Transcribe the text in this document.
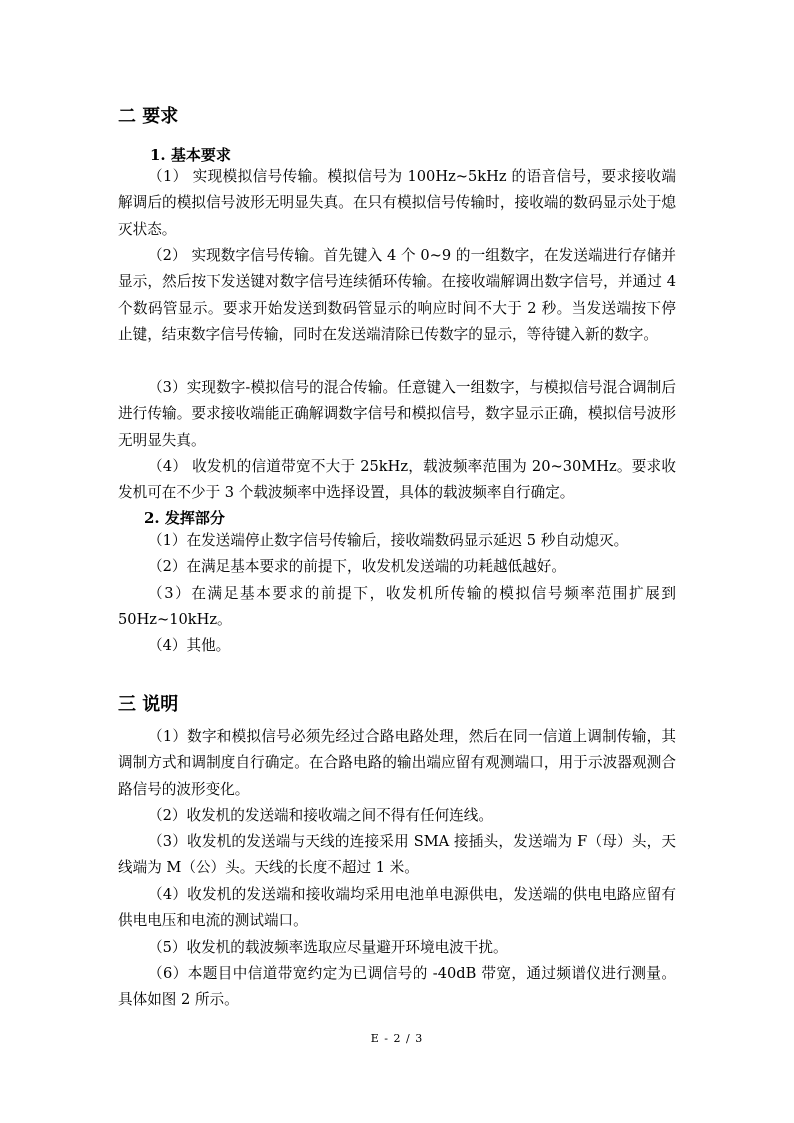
二 要求
1. 基本要求

（1） 实现模拟信号传输。模拟信号为 100Hz~5kHz 的语音信号，要求接收端解调后的模拟信号波形无明显失真。在只有模拟信号传输时，接收端的数码显示处于熄灭状态。

（2） 实现数字信号传输。首先键入 4 个 0~9 的一组数字，在发送端进行存储并显示，然后按下发送键对数字信号连续循环传输。在接收端解调出数字信号，并通过 4 个数码管显示。要求开始发送到数码管显示的响应时间不大于 2 秒。当发送端按下停止键，结束数字信号传输，同时在发送端清除已传数字的显示，等待键入新的数字。

（3）实现数字-模拟信号的混合传输。任意键入一组数字，与模拟信号混合调制后进行传输。要求接收端能正确解调数字信号和模拟信号，数字显示正确，模拟信号波形无明显失真。

（4） 收发机的信道带宽不大于 25kHz，载波频率范围为 20~30MHz。要求收发机可在不少于 3 个载波频率中选择设置，具体的载波频率自行确定。

2. 发挥部分

（1）在发送端停止数字信号传输后，接收端数码显示延迟 5 秒自动熄灭。

（2）在满足基本要求的前提下，收发机发送端的功耗越低越好。

（3）在满足基本要求的前提下，收发机所传输的模拟信号频率范围扩展到 50Hz~10kHz。

（4）其他。

三 说明

（1）数字和模拟信号必须先经过合路电路处理，然后在同一信道上调制传输，其调制方式和调制度自行确定。在合路电路的输出端应留有观测端口，用于示波器观测合路信号的波形变化。

（2）收发机的发送端和接收端之间不得有任何连线。

（3）收发机的发送端与天线的连接采用 SMA 接插头，发送端为 F（母）头，天线端为 M（公）头。天线的长度不超过 1 米。

（4）收发机的发送端和接收端均采用电池单电源供电，发送端的供电电路应留有供电电压和电流的测试端口。

（5）收发机的载波频率选取应尽量避开环境电波干扰。

（6）本题目中信道带宽约定为已调信号的 -40dB 带宽，通过频谱仪进行测量。具体如图 2 所示。

E - 2 / 3
